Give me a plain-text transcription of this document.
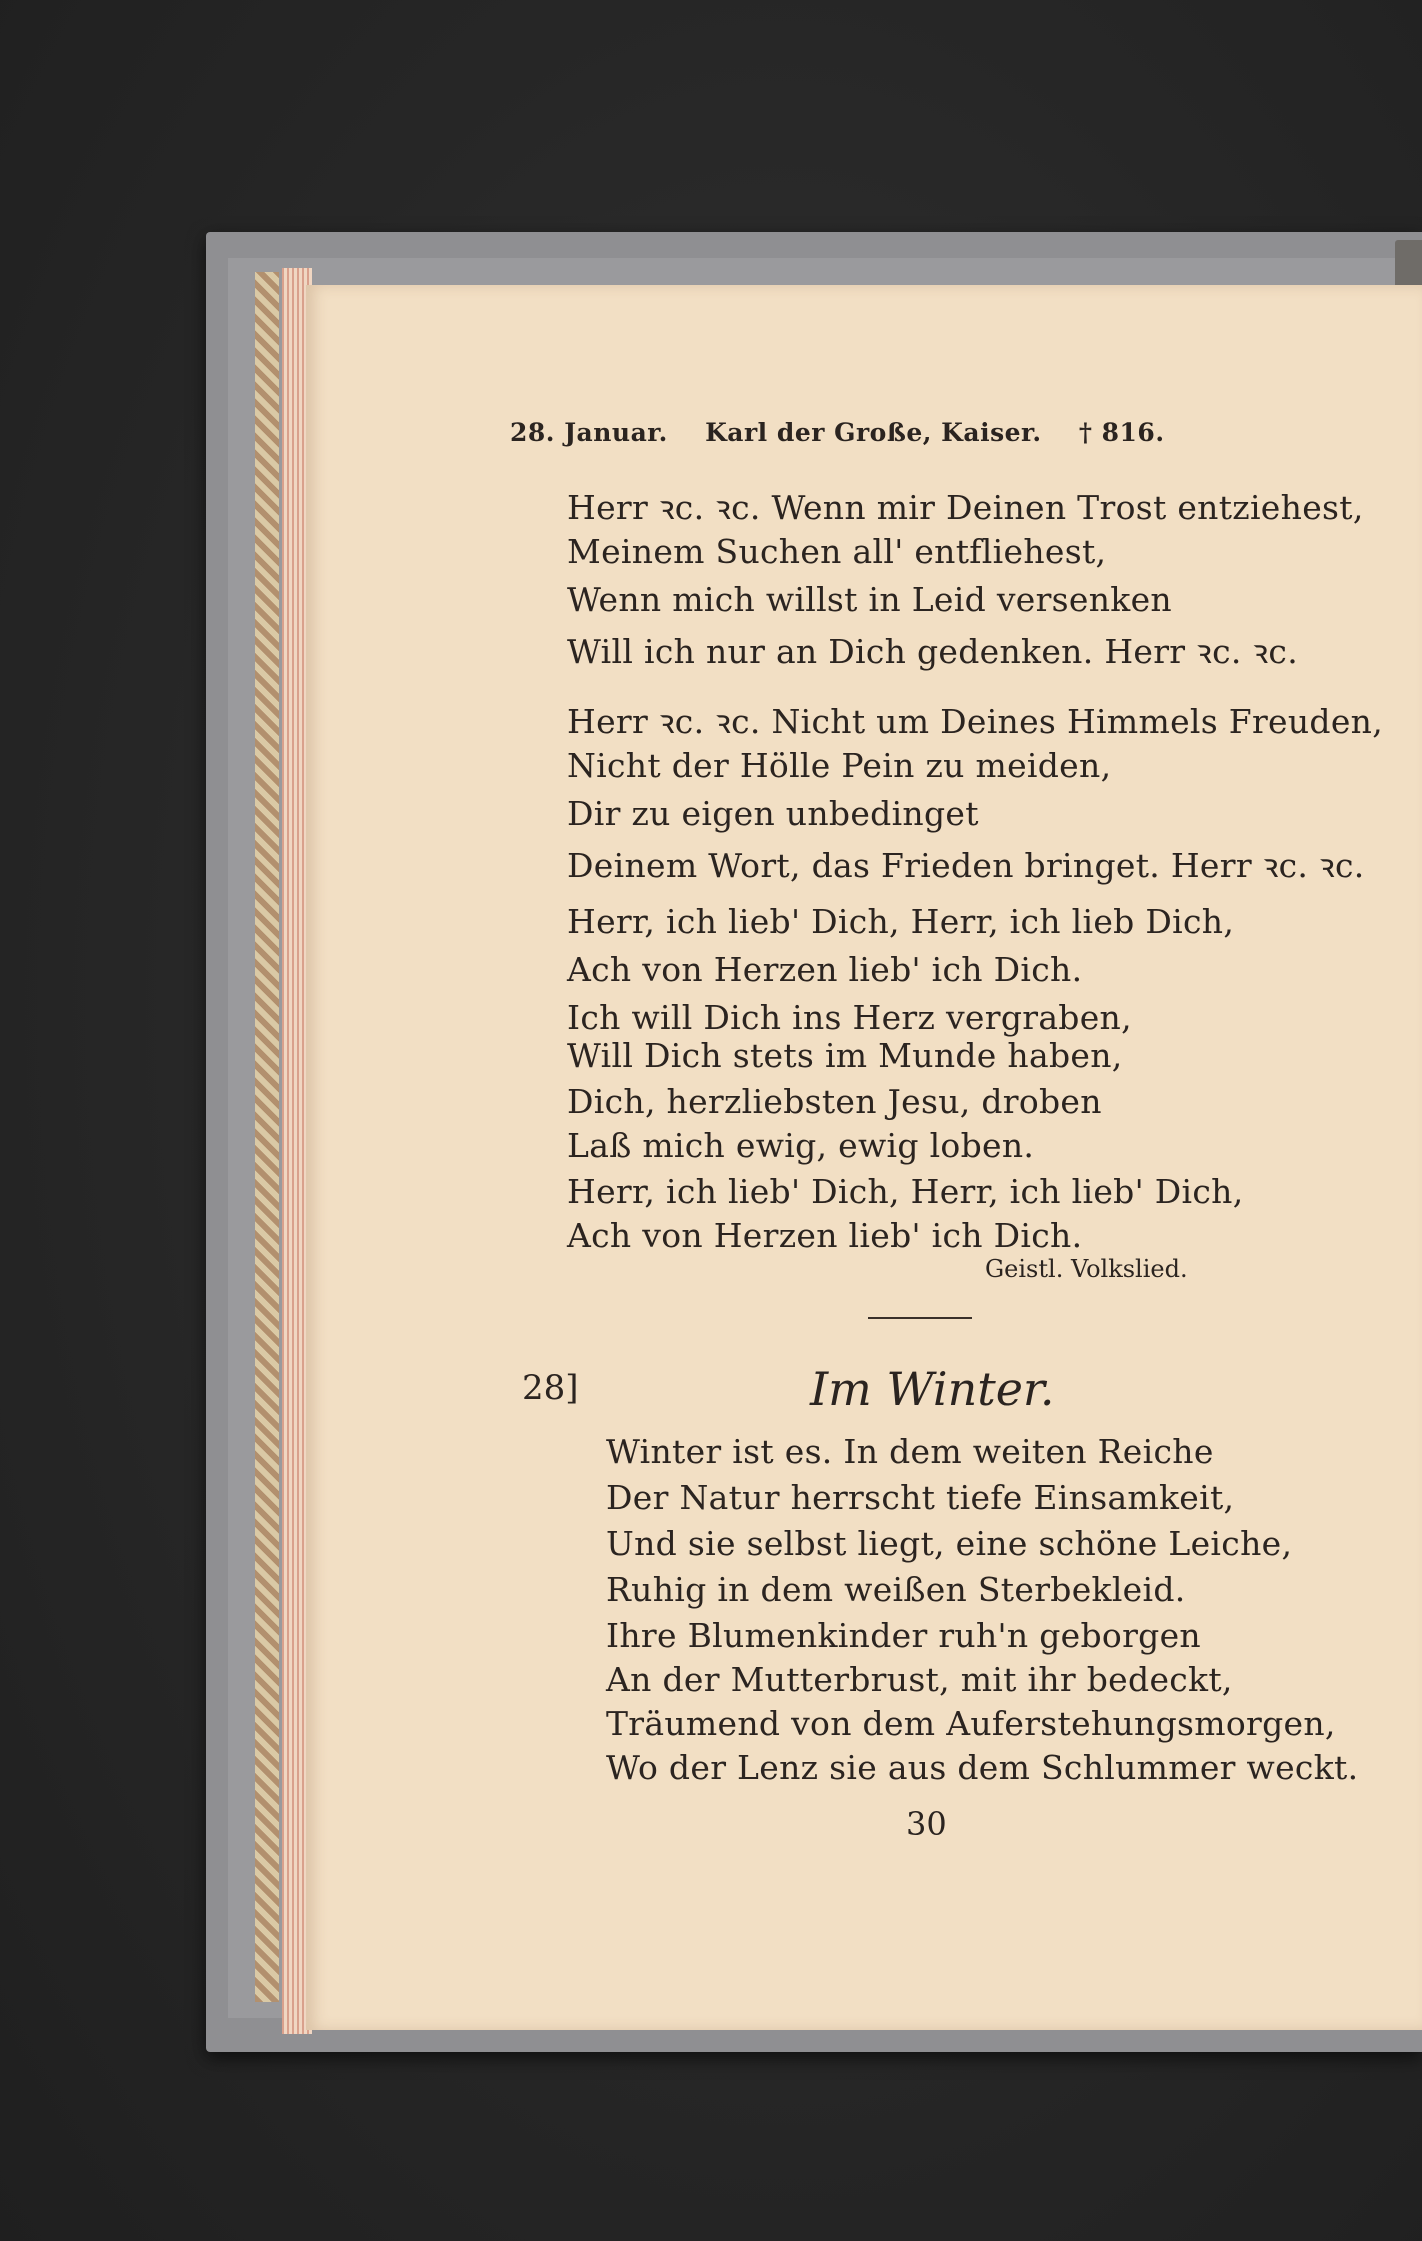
28. Januar. Karl der Große, Kaiser. † 816.
Herr ꝛc. ꝛc. Wenn mir Deinen Trost entziehest,
Meinem Suchen all' entfliehest,
Wenn mich willst in Leid versenken
Will ich nur an Dich gedenken. Herr ꝛc. ꝛc.
Herr ꝛc. ꝛc. Nicht um Deines Himmels Freuden,
Nicht der Hölle Pein zu meiden,
Dir zu eigen unbedinget
Deinem Wort, das Frieden bringet. Herr ꝛc. ꝛc.
Herr, ich lieb' Dich, Herr, ich lieb Dich,
Ach von Herzen lieb' ich Dich.
Ich will Dich ins Herz vergraben,
Will Dich stets im Munde haben,
Dich, herzliebsten Jesu, droben
Laß mich ewig, ewig loben.
Herr, ich lieb' Dich, Herr, ich lieb' Dich,
Ach von Herzen lieb' ich Dich.
Geistl. Volkslied.
28]	Im Winter.
Winter ist es. In dem weiten Reiche
Der Natur herrscht tiefe Einsamkeit,
Und sie selbst liegt, eine schöne Leiche,
Ruhig in dem weißen Sterbekleid.
Ihre Blumenkinder ruh'n geborgen
An der Mutterbrust, mit ihr bedeckt,
Träumend von dem Auferstehungsmorgen,
Wo der Lenz sie aus dem Schlummer weckt.
30
